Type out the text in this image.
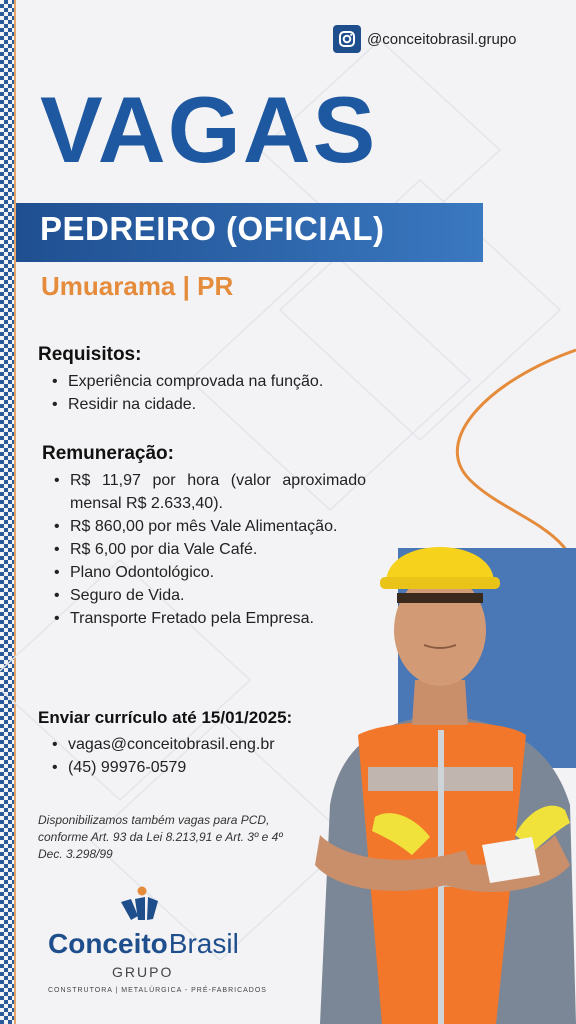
@conceitobrasil.grupo
VAGAS
PEDREIRO (OFICIAL)
Umuarama | PR
Requisitos:
• Experiência comprovada na função.
• Residir na cidade.
Remuneração:
• R$ 11,97 por hora (valor aproximado mensal R$ 2.633,40).
• R$ 860,00 por mês Vale Alimentação.
• R$ 6,00 por dia Vale Café.
• Plano Odontológico.
• Seguro de Vida.
• Transporte Fretado pela Empresa.
Enviar currículo até 15/01/2025:
• vagas@conceitobrasil.eng.br
• (45) 99976-0579
Disponibilizamos também vagas para PCD, conforme Art. 93 da Lei 8.213,91 e Art. 3º e 4º Dec. 3.298/99
ConceitoBrasil
GRUPO
CONSTRUTORA | METALÚRGICA - PRÉ-FABRICADOS
